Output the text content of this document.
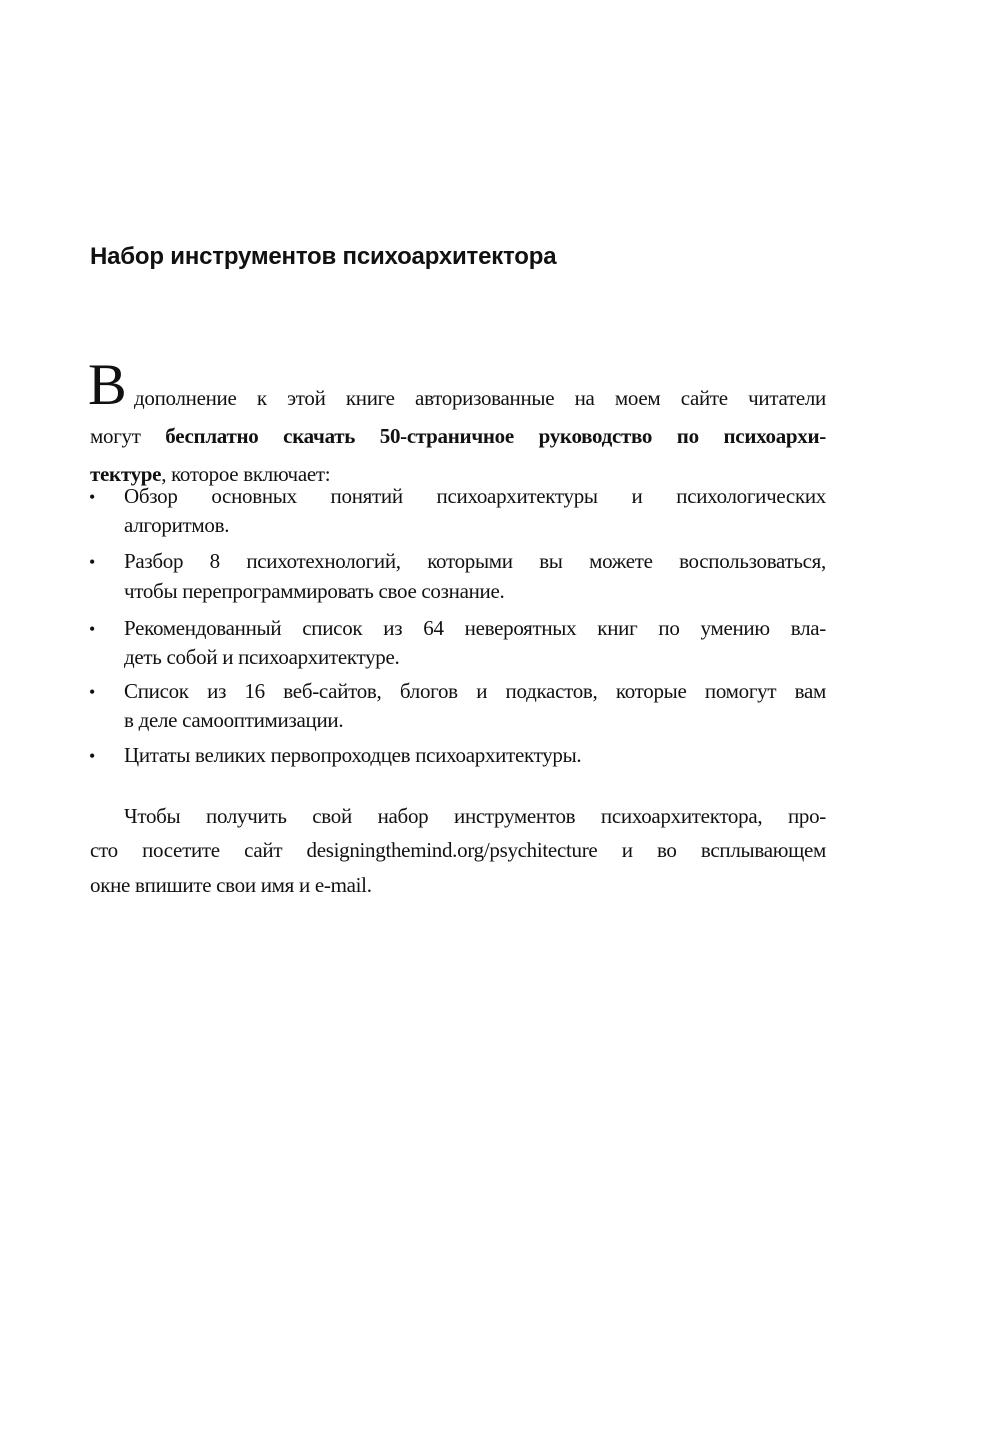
Набор инструментов психоархитектора
В дополнение к этой книге авторизованные на моем сайте читатели
могут бесплатно скачать 50-страничное руководство по психоархи-
тектуре, которое включает:
• Обзор основных понятий психоархитектуры и психологических
алгоритмов.
• Разбор 8 психотехнологий, которыми вы можете воспользоваться,
чтобы перепрограммировать свое сознание.
• Рекомендованный список из 64 невероятных книг по умению вла-
деть собой и психоархитектуре.
• Список из 16 веб-сайтов, блогов и подкастов, которые помогут вам
в деле самооптимизации.
• Цитаты великих первопроходцев психоархитектуры.
Чтобы получить свой набор инструментов психоархитектора, про-
сто посетите сайт designingthemind.org/psychitecture и во всплывающем
окне впишите свои имя и e-mail.
